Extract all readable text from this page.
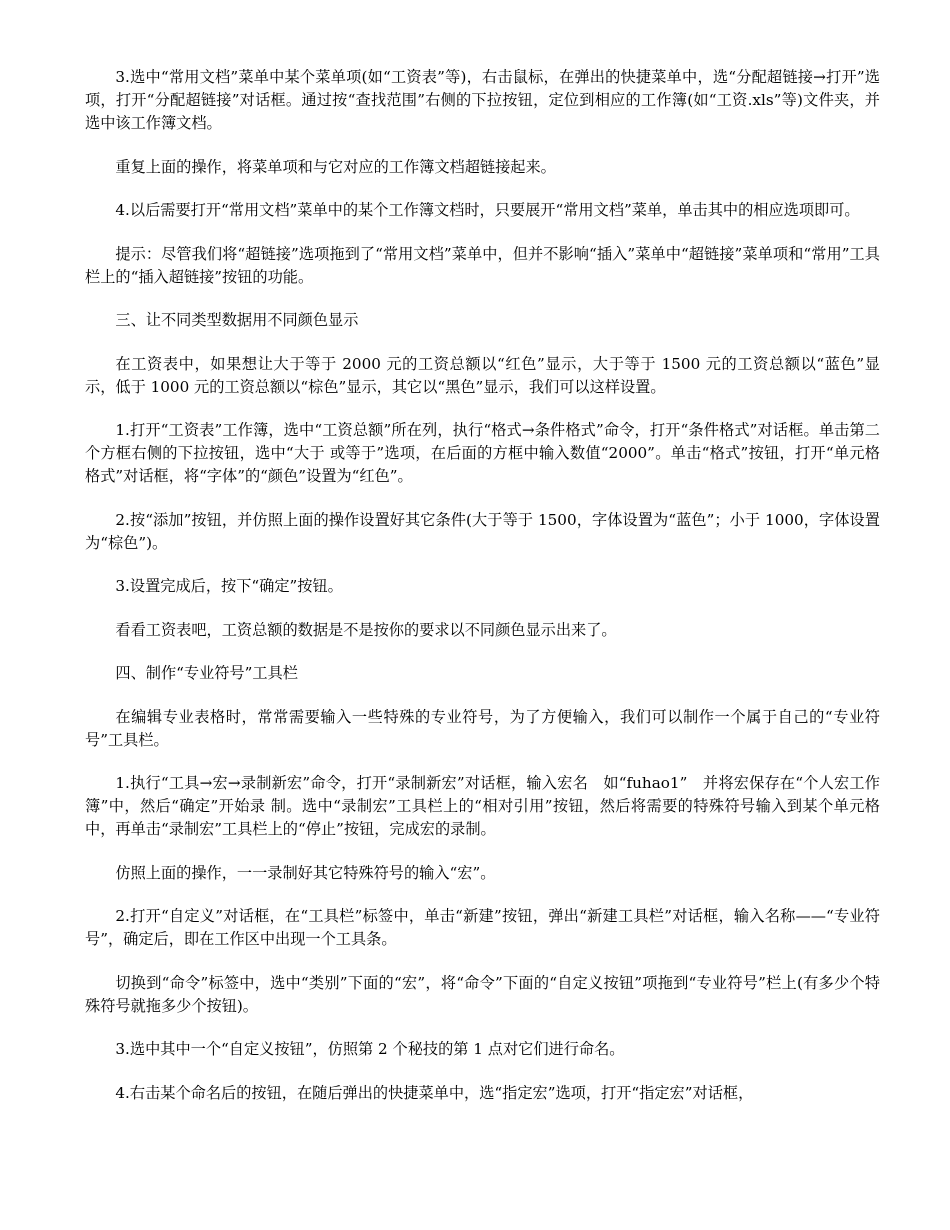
3.选中“常用文档”菜单中某个菜单项(如“工资表”等)，右击鼠标，在弹出的快捷菜单中，选“分配超链接→打开”选项，打开“分配超链接”对话框。通过按“查找范围”右侧的下拉按钮，定位到相应的工作簿(如“工资.xls”等)文件夹，并选中该工作簿文档。

重复上面的操作，将菜单项和与它对应的工作簿文档超链接起来。

4.以后需要打开“常用文档”菜单中的某个工作簿文档时，只要展开“常用文档”菜单，单击其中的相应选项即可。

提示：尽管我们将“超链接”选项拖到了“常用文档”菜单中，但并不影响“插入”菜单中“超链接”菜单项和“常用”工具栏上的“插入超链接”按钮的功能。

三、让不同类型数据用不同颜色显示

在工资表中，如果想让大于等于 2000 元的工资总额以“红色”显示，大于等于 1500 元的工资总额以“蓝色”显示，低于 1000 元的工资总额以“棕色”显示，其它以“黑色”显示，我们可以这样设置。

1.打开“工资表”工作簿，选中“工资总额”所在列，执行“格式→条件格式”命令，打开“条件格式”对话框。单击第二个方框右侧的下拉按钮，选中“大于 或等于”选项，在后面的方框中输入数值“2000”。单击“格式”按钮，打开“单元格格式”对话框，将“字体”的“颜色”设置为“红色”。

2.按“添加”按钮，并仿照上面的操作设置好其它条件(大于等于 1500，字体设置为“蓝色”；小于 1000，字体设置为“棕色”)。

3.设置完成后，按下“确定”按钮。

看看工资表吧，工资总额的数据是不是按你的要求以不同颜色显示出来了。

四、制作“专业符号”工具栏

在编辑专业表格时，常常需要输入一些特殊的专业符号，为了方便输入，我们可以制作一个属于自己的“专业符号”工具栏。

1.执行“工具→宏→录制新宏”命令，打开“录制新宏”对话框，输入宏名　如“fuhao1”　并将宏保存在“个人宏工作簿”中，然后“确定”开始录 制。选中“录制宏”工具栏上的“相对引用”按钮，然后将需要的特殊符号输入到某个单元格中，再单击“录制宏”工具栏上的“停止”按钮，完成宏的录制。

仿照上面的操作，一一录制好其它特殊符号的输入“宏”。

2.打开“自定义”对话框，在“工具栏”标签中，单击“新建”按钮，弹出“新建工具栏”对话框，输入名称——“专业符号”，确定后，即在工作区中出现一个工具条。

切换到“命令”标签中，选中“类别”下面的“宏”，将“命令”下面的“自定义按钮”项拖到“专业符号”栏上(有多少个特殊符号就拖多少个按钮)。

3.选中其中一个“自定义按钮”，仿照第 2 个秘技的第 1 点对它们进行命名。

4.右击某个命名后的按钮，在随后弹出的快捷菜单中，选“指定宏”选项，打开“指定宏”对话框，
